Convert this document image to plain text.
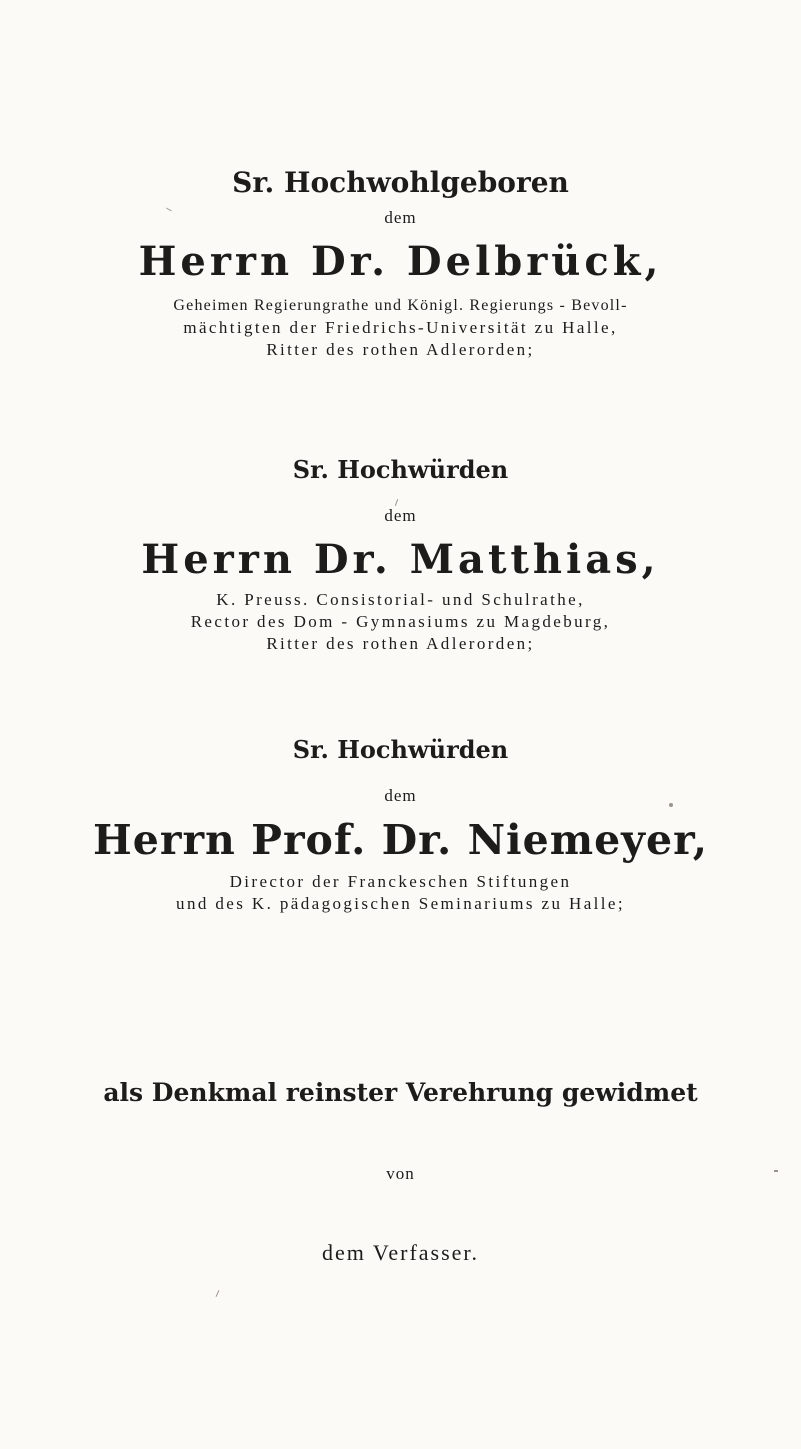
Sr. Hochwohlgeboren
dem
Herrn Dr. Delbrück,
Geheimen Regierungrathe und Königl. Regierungs - Bevoll-
mächtigten der Friedrichs-Universität zu Halle,
Ritter des rothen Adlerorden;
Sr. Hochwürden
dem
Herrn Dr. Matthias,
K. Preuss. Consistorial- und Schulrathe,
Rector des Dom - Gymnasiums zu Magdeburg,
Ritter des rothen Adlerorden;
Sr. Hochwürden
dem
Herrn Prof. Dr. Niemeyer,
Director der Franckeschen Stiftungen
und des K. pädagogischen Seminariums zu Halle;
als Denkmal reinster Verehrung gewidmet
von
dem Verfasser.
